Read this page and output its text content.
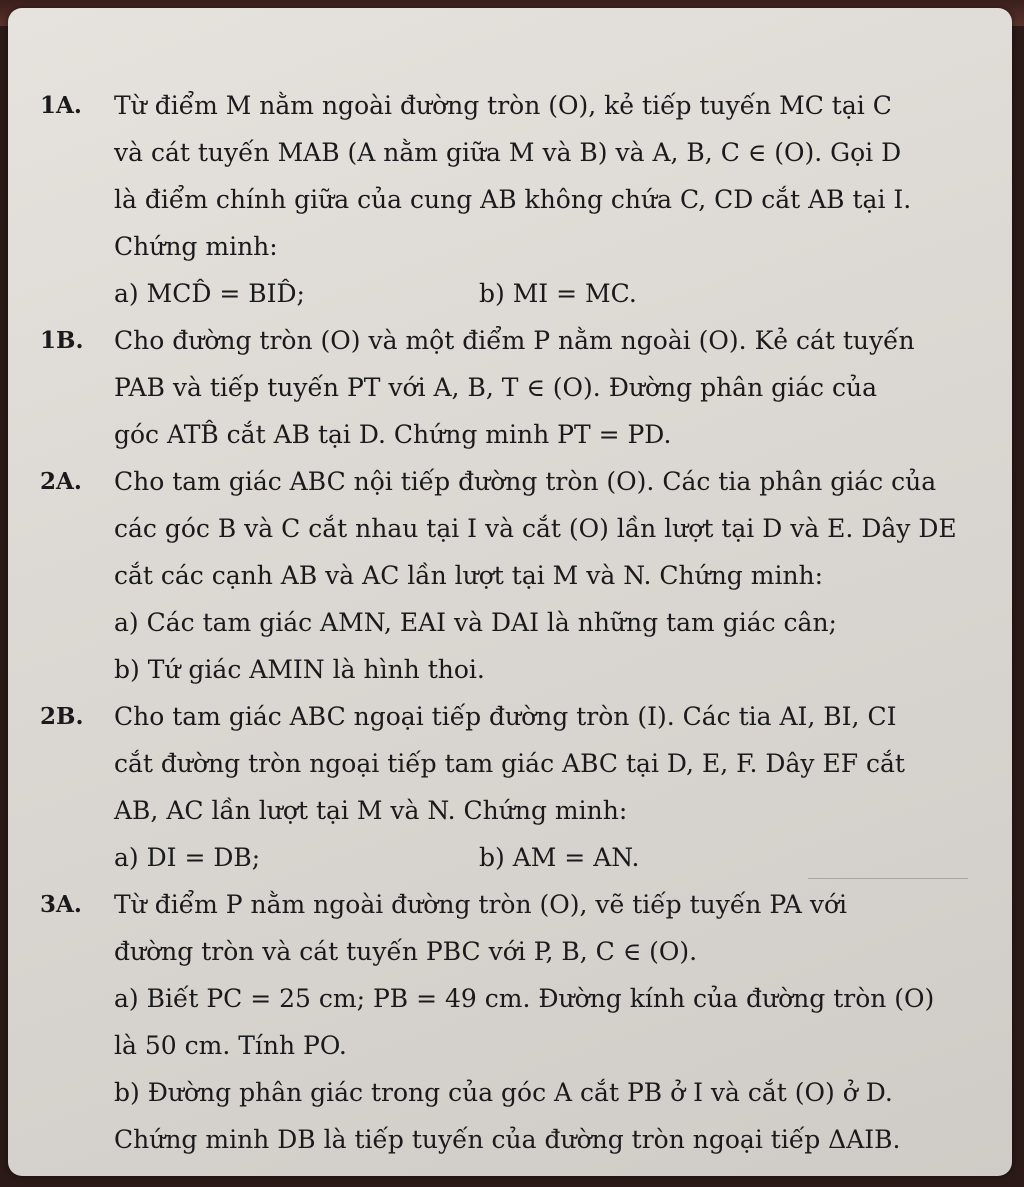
1A. Từ điểm M nằm ngoài đường tròn (O), kẻ tiếp tuyến MC tại C
và cát tuyến MAB (A nằm giữa M và B) và A, B, C ∈ (O). Gọi D
là điểm chính giữa của cung AB không chứa C, CD cắt AB tại I.
Chứng minh:
a) MCD̂ = BID̂;	b) MI = MC.
1B. Cho đường tròn (O) và một điểm P nằm ngoài (O). Kẻ cát tuyến
PAB và tiếp tuyến PT với A, B, T ∈ (O). Đường phân giác của
góc ATB̂ cắt AB tại D. Chứng minh PT = PD.
2A. Cho tam giác ABC nội tiếp đường tròn (O). Các tia phân giác của
các góc B và C cắt nhau tại I và cắt (O) lần lượt tại D và E. Dây DE
cắt các cạnh AB và AC lần lượt tại M và N. Chứng minh:
a) Các tam giác AMN, EAI và DAI là những tam giác cân;
b) Tứ giác AMIN là hình thoi.
2B. Cho tam giác ABC ngoại tiếp đường tròn (I). Các tia AI, BI, CI
cắt đường tròn ngoại tiếp tam giác ABC tại D, E, F. Dây EF cắt
AB, AC lần lượt tại M và N. Chứng minh:
a) DI = DB;	b) AM = AN.
3A. Từ điểm P nằm ngoài đường tròn (O), vẽ tiếp tuyến PA với
đường tròn và cát tuyến PBC với P, B, C ∈ (O).
a) Biết PC = 25 cm; PB = 49 cm. Đường kính của đường tròn (O)
là 50 cm. Tính PO.
b) Đường phân giác trong của góc A cắt PB ở I và cắt (O) ở D.
Chứng minh DB là tiếp tuyến của đường tròn ngoại tiếp ΔAIB.
